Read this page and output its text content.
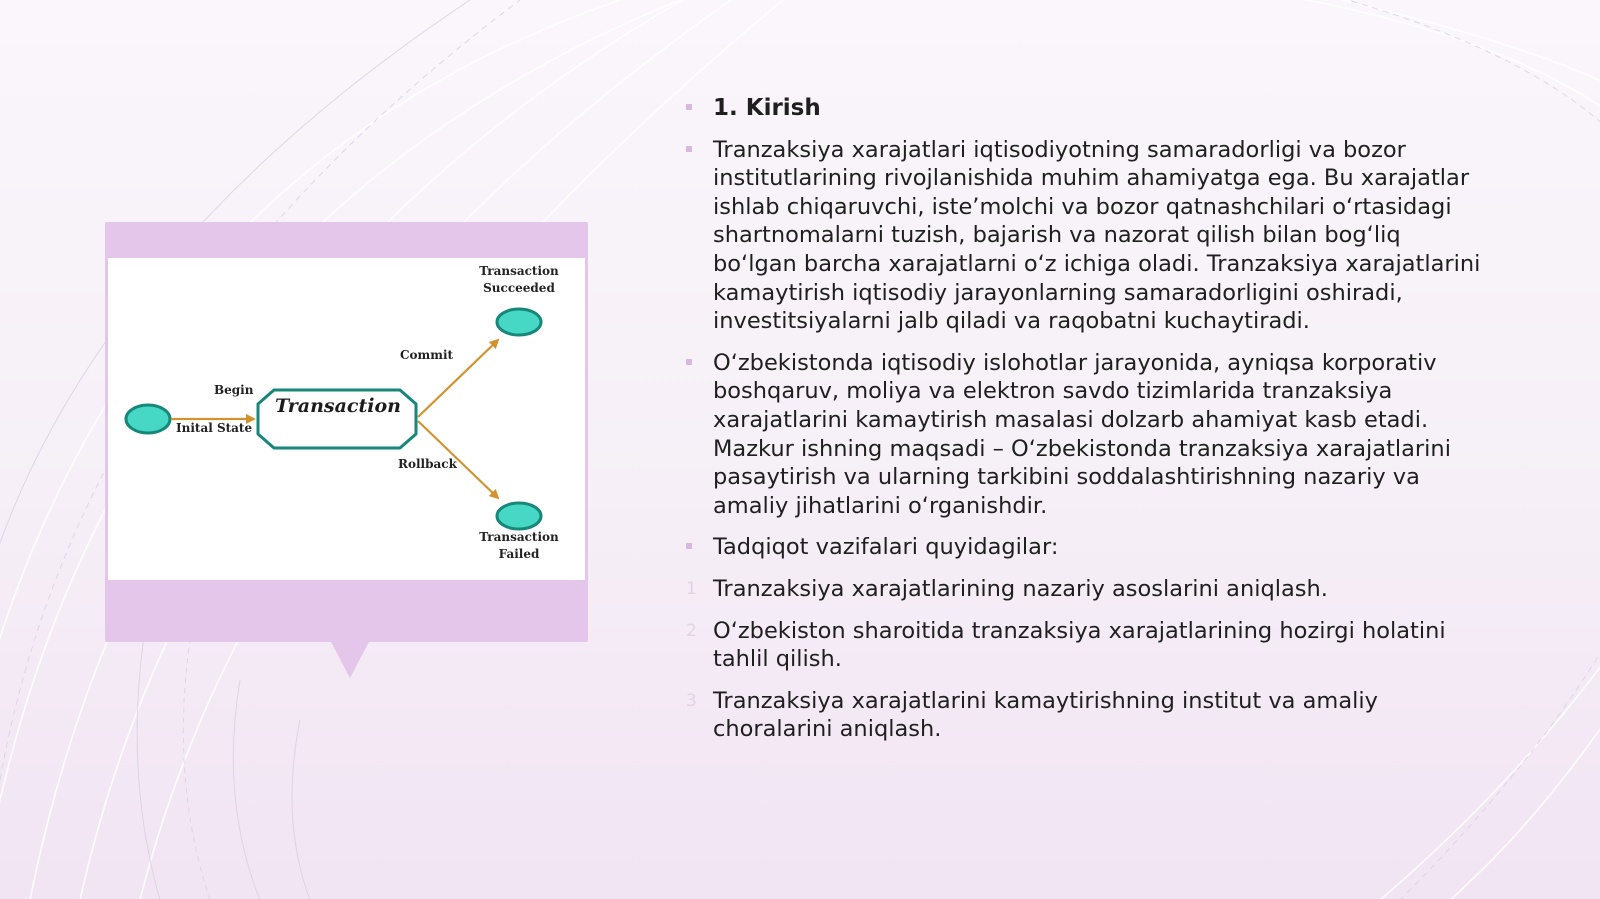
Transaction
Begin
Inital State
Commit
Rollback
Transaction
Succeeded
Transaction
Failed
1. Kirish
Tranzaksiya xarajatlari iqtisodiyotning samaradorligi va bozor institutlarining rivojlanishida muhim ahamiyatga ega. Bu xarajatlar ishlab chiqaruvchi, iste’molchi va bozor qatnashchilari o‘rtasidagi shartnomalarni tuzish, bajarish va nazorat qilish bilan bog‘liq bo‘lgan barcha xarajatlarni o‘z ichiga oladi. Tranzaksiya xarajatlarini kamaytirish iqtisodiy jarayonlarning samaradorligini oshiradi, investitsiyalarni jalb qiladi va raqobatni kuchaytiradi.
O‘zbekistonda iqtisodiy islohotlar jarayonida, ayniqsa korporativ boshqaruv, moliya va elektron savdo tizimlarida tranzaksiya xarajatlarini kamaytirish masalasi dolzarb ahamiyat kasb etadi. Mazkur ishning maqsadi – O‘zbekistonda tranzaksiya xarajatlarini pasaytirish va ularning tarkibini soddalashtirishning nazariy va amaliy jihatlarini o‘rganishdir.
Tadqiqot vazifalari quyidagilar:
1 Tranzaksiya xarajatlarining nazariy asoslarini aniqlash.
2 O‘zbekiston sharoitida tranzaksiya xarajatlarining hozirgi holatini tahlil qilish.
3 Tranzaksiya xarajatlarini kamaytirishning institut va amaliy choralarini aniqlash.
